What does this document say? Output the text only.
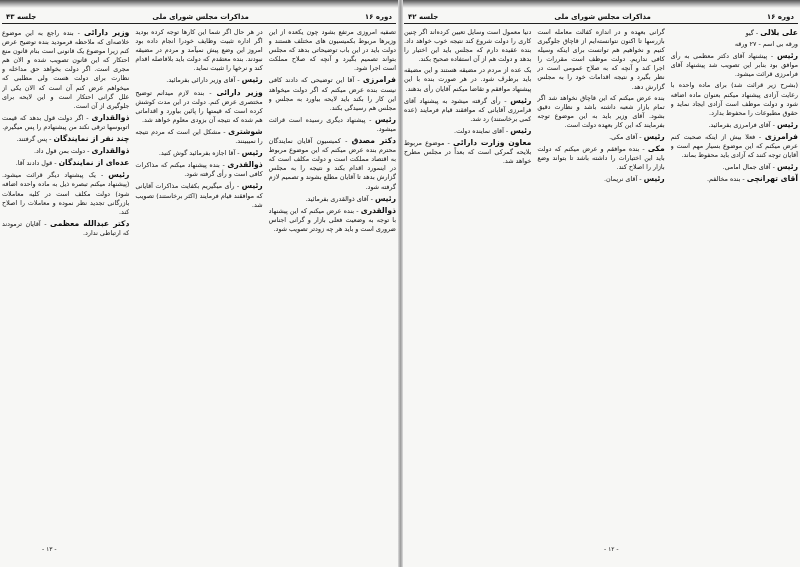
دوره ۱۶
مذاکرات مجلس شورای ملی
جلسه ۴۳

تصفیه امروزی مرتفع بشود چون یکعده از این وزیرها مربوط بکمیسیون های مختلف هستند و دولت باید در این باب توضیحاتی بدهد که مجلس بتواند تصمیم بگیرد و آنچه که صلاح مملکت است اجرا شود.

فرامرزی - آقا این توضیحی که دادند کافی نیست بنده عرض میکنم که اگر دولت میخواهد این کار را بکند باید لایحه بیاورد به مجلس و مجلس هم رسیدگی بکند.

رئیس - پیشنهاد دیگری رسیده است قرائت میشود.

دکتر مصدق - کمیسیون آقایان نمایندگان محترم بنده عرض میکنم که این موضوع مربوط به اقتصاد مملکت است و دولت مکلف است که در اینمورد اقدام بکند و نتیجه را به مجلس گزارش بدهد تا آقایان مطلع بشوند و تصمیم لازم گرفته شود.

رئیس - آقای ذوالقدری بفرمائید.

ذوالقدری - بنده عرض میکنم که این پیشنهاد با توجه به وضعیت فعلی بازار و گرانی اجناس ضروری است و باید هر چه زودتر تصویب شود.

در هر حال اگر شما این کارها توجه کرده بودید اگر اداره تثبیت وظایف خودرا انجام داده بود امروز این وضع پیش نمیآمد و مردم در مضیقه نبودند. بنده معتقدم که دولت باید بلافاصله اقدام کند و نرخها را تثبیت نماید.

رئیس - آقای وزیر دارائی بفرمائید.

وزیر دارائی - بنده لازم میدانم توضیح مختصری عرض کنم. دولت در این مدت کوشش کرده است که قیمتها را پائین بیاورد و اقداماتی هم شده که نتیجه آن بزودی معلوم خواهد شد.

شوشتری - مشکل این است که مردم نتیجه را نمیبینند.

رئیس - آقا اجازه بفرمائید گوش کنید.

ذوالقدری - بنده پیشنهاد میکنم که مذاکرات کافی است و رأی گرفته شود.

رئیس - رأی میگیریم بکفایت مذاکرات آقایانی که موافقند قیام فرمایند (اکثر برخاستند) تصویب شد.

وزیر دارائی - بنده راجع به این موضوع خلاصه‌ای که ملاحظه فرمودید بنده توضیح عرض کنم زیرا موضوع یک قانونی است بنام قانون منع احتکار که این قانون تصویب شده و الان هم مجری است. اگر دولت بخواهد حق مداخله و نظارت برای دولت هست ولی مطلبی که میخواهم عرض کنم آن است که الان یکی از علل گرانی احتکار است و این لایحه برای جلوگیری از آن است.

ذوالقداری - اگر دولت قول بدهد که قیمت اتوبوسها ترقی نکند من پیشنهادم را پس میگیرم.

چند نفر از نمایندگان - پس گرفتند.

ذوالقداری - دولت بمن قول داد.

عده‌ای از نمایندگان - قول دادند آقا.

رئیس - یک پیشنهاد دیگر قرائت میشود. (پیشنهاد میکنم تبصره ذیل به ماده واحده اضافه شود) دولت مکلف است در کلیه معاملات بازرگانی تجدید نظر نموده و معاملات را اصلاح کند.

دکتر عبدالله معظمی - آقایان ترمودند که ارتباطی ندارد.

- ۱۳ -
دوره ۱۶
مذاکرات مجلس شورای ملی
جلسه ۴۲

علی بلالی - گیو

ورقه بی اسم - ۲۷ ورقه

رئیس - پیشنهاد آقای دکتر معظمی به رأی موافق بود بنابر این تصویب شد پیشنهاد آقای فرامرزی قرائت میشود.

(بشرح زیر قرائت شد) برای ماده واحده با رعایت آزادی پیشنهاد میکنم بعنوان ماده اضافه شود و دولت موظف است آزادی ایجاد نماید و حقوق مطبوعات را محفوظ بدارد.

رئیس - آقای فرامرزی بفرمائید.

فرامرزی - فعلا بیش از اینکه صحبت کنم عرض میکنم که این موضوع بسیار مهم است و آقایان توجه کنند که آزادی باید محفوظ بماند.

رئیس - آقای جمال امامی.

آقای تهرانچی - بنده مخالفم.

گرانی بعهده و در اندازه کفالت معامله است بازرسها تا اکنون نتوانسته‌ایم از قاچاق جلوگیری کنیم و نخواهیم هم توانست برای اینکه وسیله کافی نداریم. دولت موظف است مقررات را اجرا کند و آنچه که به صلاح عمومی است در نظر بگیرد و نتیجه اقدامات خود را به مجلس گزارش دهد.

بنده عرض میکنم که این قاچاق نخواهد شد اگر تمام بازار شعبه داشته باشد و نظارت دقیق بشود. آقای وزیر باید به این موضوع توجه بفرمایند که این کار بعهده دولت است.

رئیس - آقای مکی.

مکی - بنده موافقم و عرض میکنم که دولت باید این اختیارات را داشته باشد تا بتواند وضع بازار را اصلاح کند.

رئیس - آقای نریمان.

دنیا معمول است وسایل تعیین کرده‌اند اگر چنین کاری را دولت شروع کند نتیجه خوب خواهد داد. بنده عقیده دارم که مجلس باید این اختیار را بدهد و دولت هم از آن استفاده صحیح بکند.

یک عده از مردم در مضیقه هستند و این مضیقه باید برطرف شود. در هر صورت بنده با این پیشنهاد موافقم و تقاضا میکنم آقایان رأی بدهند.

رئیس - رأی گرفته میشود به پیشنهاد آقای فرامرزی آقایانی که موافقند قیام فرمایند (عده کمی برخاستند) رد شد.

رئیس - آقای نماینده دولت.

معاون وزارت دارائی - موضوع مربوط بلایحه گمرکی است که بعداً در مجلس مطرح خواهد شد.

- ۱۲ -
